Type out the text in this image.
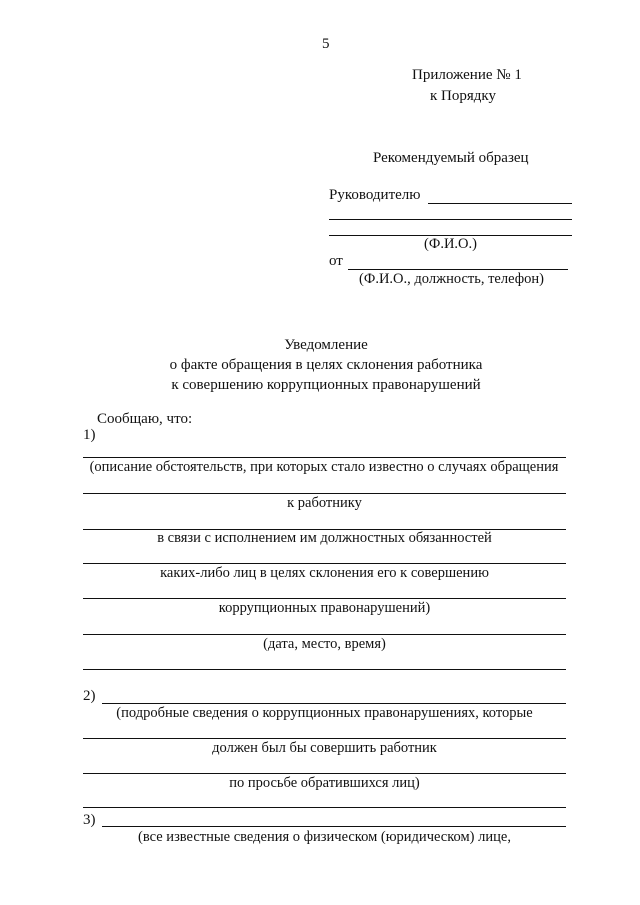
5
Приложение № 1
к Порядку
Рекомендуемый образец
Руководителю
(Ф.И.О.)
от
(Ф.И.О., должность, телефон)
Уведомление
о факте обращения в целях склонения работника
к совершению коррупционных правонарушений
Сообщаю, что:
1)
(описание обстоятельств, при которых стало известно о случаях обращения
к работнику
в связи с исполнением им должностных обязанностей
каких-либо лиц в целях склонения его к совершению
коррупционных правонарушений)
(дата, место, время)
2)
(подробные сведения о коррупционных правонарушениях, которые
должен был бы совершить работник
по просьбе обратившихся лиц)
3)
(все известные сведения о физическом (юридическом) лице,
